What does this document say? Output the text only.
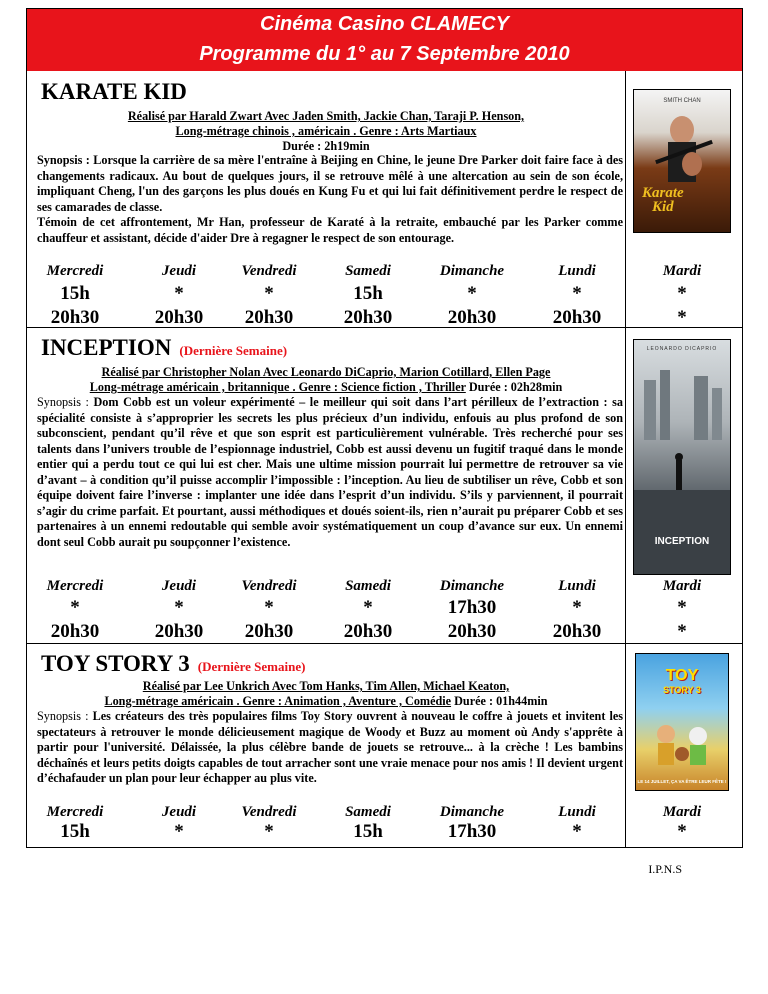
Cinéma Casino CLAMECY
Programme du 1° au 7 Septembre 2010
KARATE KID
Réalisé par Harald Zwart Avec Jaden Smith, Jackie Chan, Taraji P. Henson,
Long-métrage chinois , américain . Genre : Arts Martiaux
Durée : 2h19min
Synopsis : Lorsque la carrière de sa mère l'entraîne à Beijing en Chine, le jeune Dre Parker doit faire face à des changements radicaux. Au bout de quelques jours, il se retrouve mêlé à une altercation au sein de son école, impliquant Cheng, l'un des garçons les plus doués en Kung Fu et qui lui fait définitivement perdre le respect de ses camarades de classe.
Témoin de cet affrontement, Mr Han, professeur de Karaté à la retraite, embauché par les Parker comme chauffeur et assistant, décide d'aider Dre à regagner le respect de son entourage.
SMITH CHAN
Karate
Kid
Mercredi	Jeudi	Vendredi	Samedi	Dimanche	Lundi	Mardi
15h	*	*	15h	*	*	*
20h30	20h30	20h30	20h30	20h30	20h30	*
INCEPTION (Dernière Semaine)
Réalisé par Christopher Nolan Avec Leonardo DiCaprio, Marion Cotillard, Ellen Page
Long-métrage américain , britannique . Genre : Science fiction , Thriller Durée : 02h28min
Synopsis : Dom Cobb est un voleur expérimenté – le meilleur qui soit dans l’art périlleux de l’extraction : sa spécialité consiste à s’approprier les secrets les plus précieux d’un individu, enfouis au plus profond de son subconscient, pendant qu’il rêve et que son esprit est particulièrement vulnérable. Très recherché pour ses talents dans l’univers trouble de l’espionnage industriel, Cobb est aussi devenu un fugitif traqué dans le monde entier qui a perdu tout ce qui lui est cher. Mais une ultime mission pourrait lui permettre de retrouver sa vie d’avant – à condition qu’il puisse accomplir l’impossible : l’inception. Au lieu de subtiliser un rêve, Cobb et son équipe doivent faire l’inverse : implanter une idée dans l’esprit d’un individu. S’ils y parviennent, il pourrait s’agir du crime parfait. Et pourtant, aussi méthodiques et doués soient-ils, rien n’aurait pu préparer Cobb et ses partenaires à un ennemi redoutable qui semble avoir systématiquement un coup d’avance sur eux. Un ennemi dont seul Cobb aurait pu soupçonner l’existence.
LEONARDO DICAPRIO
INCEPTION
Mercredi	Jeudi	Vendredi	Samedi	Dimanche	Lundi	Mardi
*	*	*	*	17h30	*	*
20h30	20h30	20h30	20h30	20h30	20h30	*
TOY STORY 3 (Dernière Semaine)
Réalisé par Lee Unkrich Avec Tom Hanks, Tim Allen, Michael Keaton,
Long-métrage américain . Genre : Animation , Aventure , Comédie Durée : 01h44min
Synopsis : Les créateurs des très populaires films Toy Story ouvrent à nouveau le coffre à jouets et invitent les spectateurs à retrouver le monde délicieusement magique de Woody et Buzz au moment où Andy s'apprête à partir pour l'université. Délaissée, la plus célèbre bande de jouets se retrouve... à la crèche ! Les bambins déchaînés et leurs petits doigts capables de tout arracher sont une vraie menace pour nos amis ! Il devient urgent d’échafauder un plan pour leur échapper au plus vite.
TOY
STORY 3
LE 14 JUILLET, ÇA VA ÊTRE LEUR FÊTE !
Mercredi	Jeudi	Vendredi	Samedi	Dimanche	Lundi	Mardi
15h	*	*	15h	17h30	*	*
I.P.N.S
